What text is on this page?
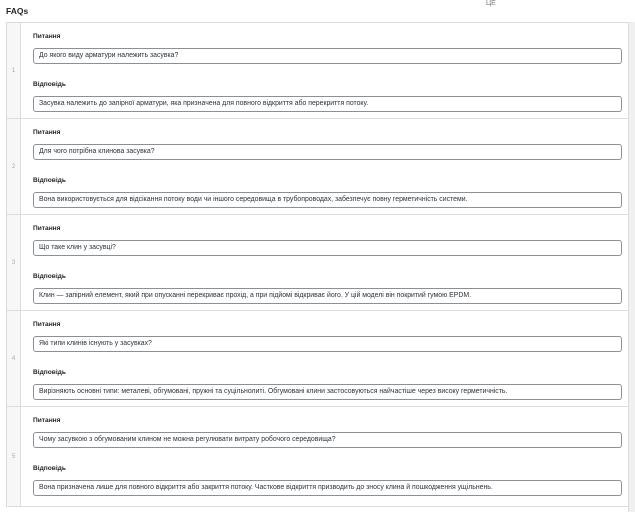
ЦЕ
FAQs
1
Питання
До якого виду арматури належить засувка?
Відповідь
Засувка належить до запірної арматури, яка призначена для повного відкриття або перекриття потоку.
2
Питання
Для чого потрібна клинова засувка?
Відповідь
Вона використовується для відсікання потоку води чи іншого середовища в трубопроводах, забезпечує повну герметичність системи.
3
Питання
Що таке клин у засувці?
Відповідь
Клин — запірний елемент, який при опусканні перекриває прохід, а при підйомі відкриває його. У цій моделі він покритий гумою EPDM.
4
Питання
Які типи клинів існують у засувках?
Відповідь
Вирізняють основні типи: металеві, обгумовані, пружні та суцільнолиті. Обгумовані клини застосовуються найчастіше через високу герметичність.
5
Питання
Чому засувкою з обгумованим клином не можна регулювати витрату робочого середовища?
Відповідь
Вона призначена лише для повного відкриття або закриття потоку. Часткове відкриття призводить до зносу клина й пошкодження ущільнень.
